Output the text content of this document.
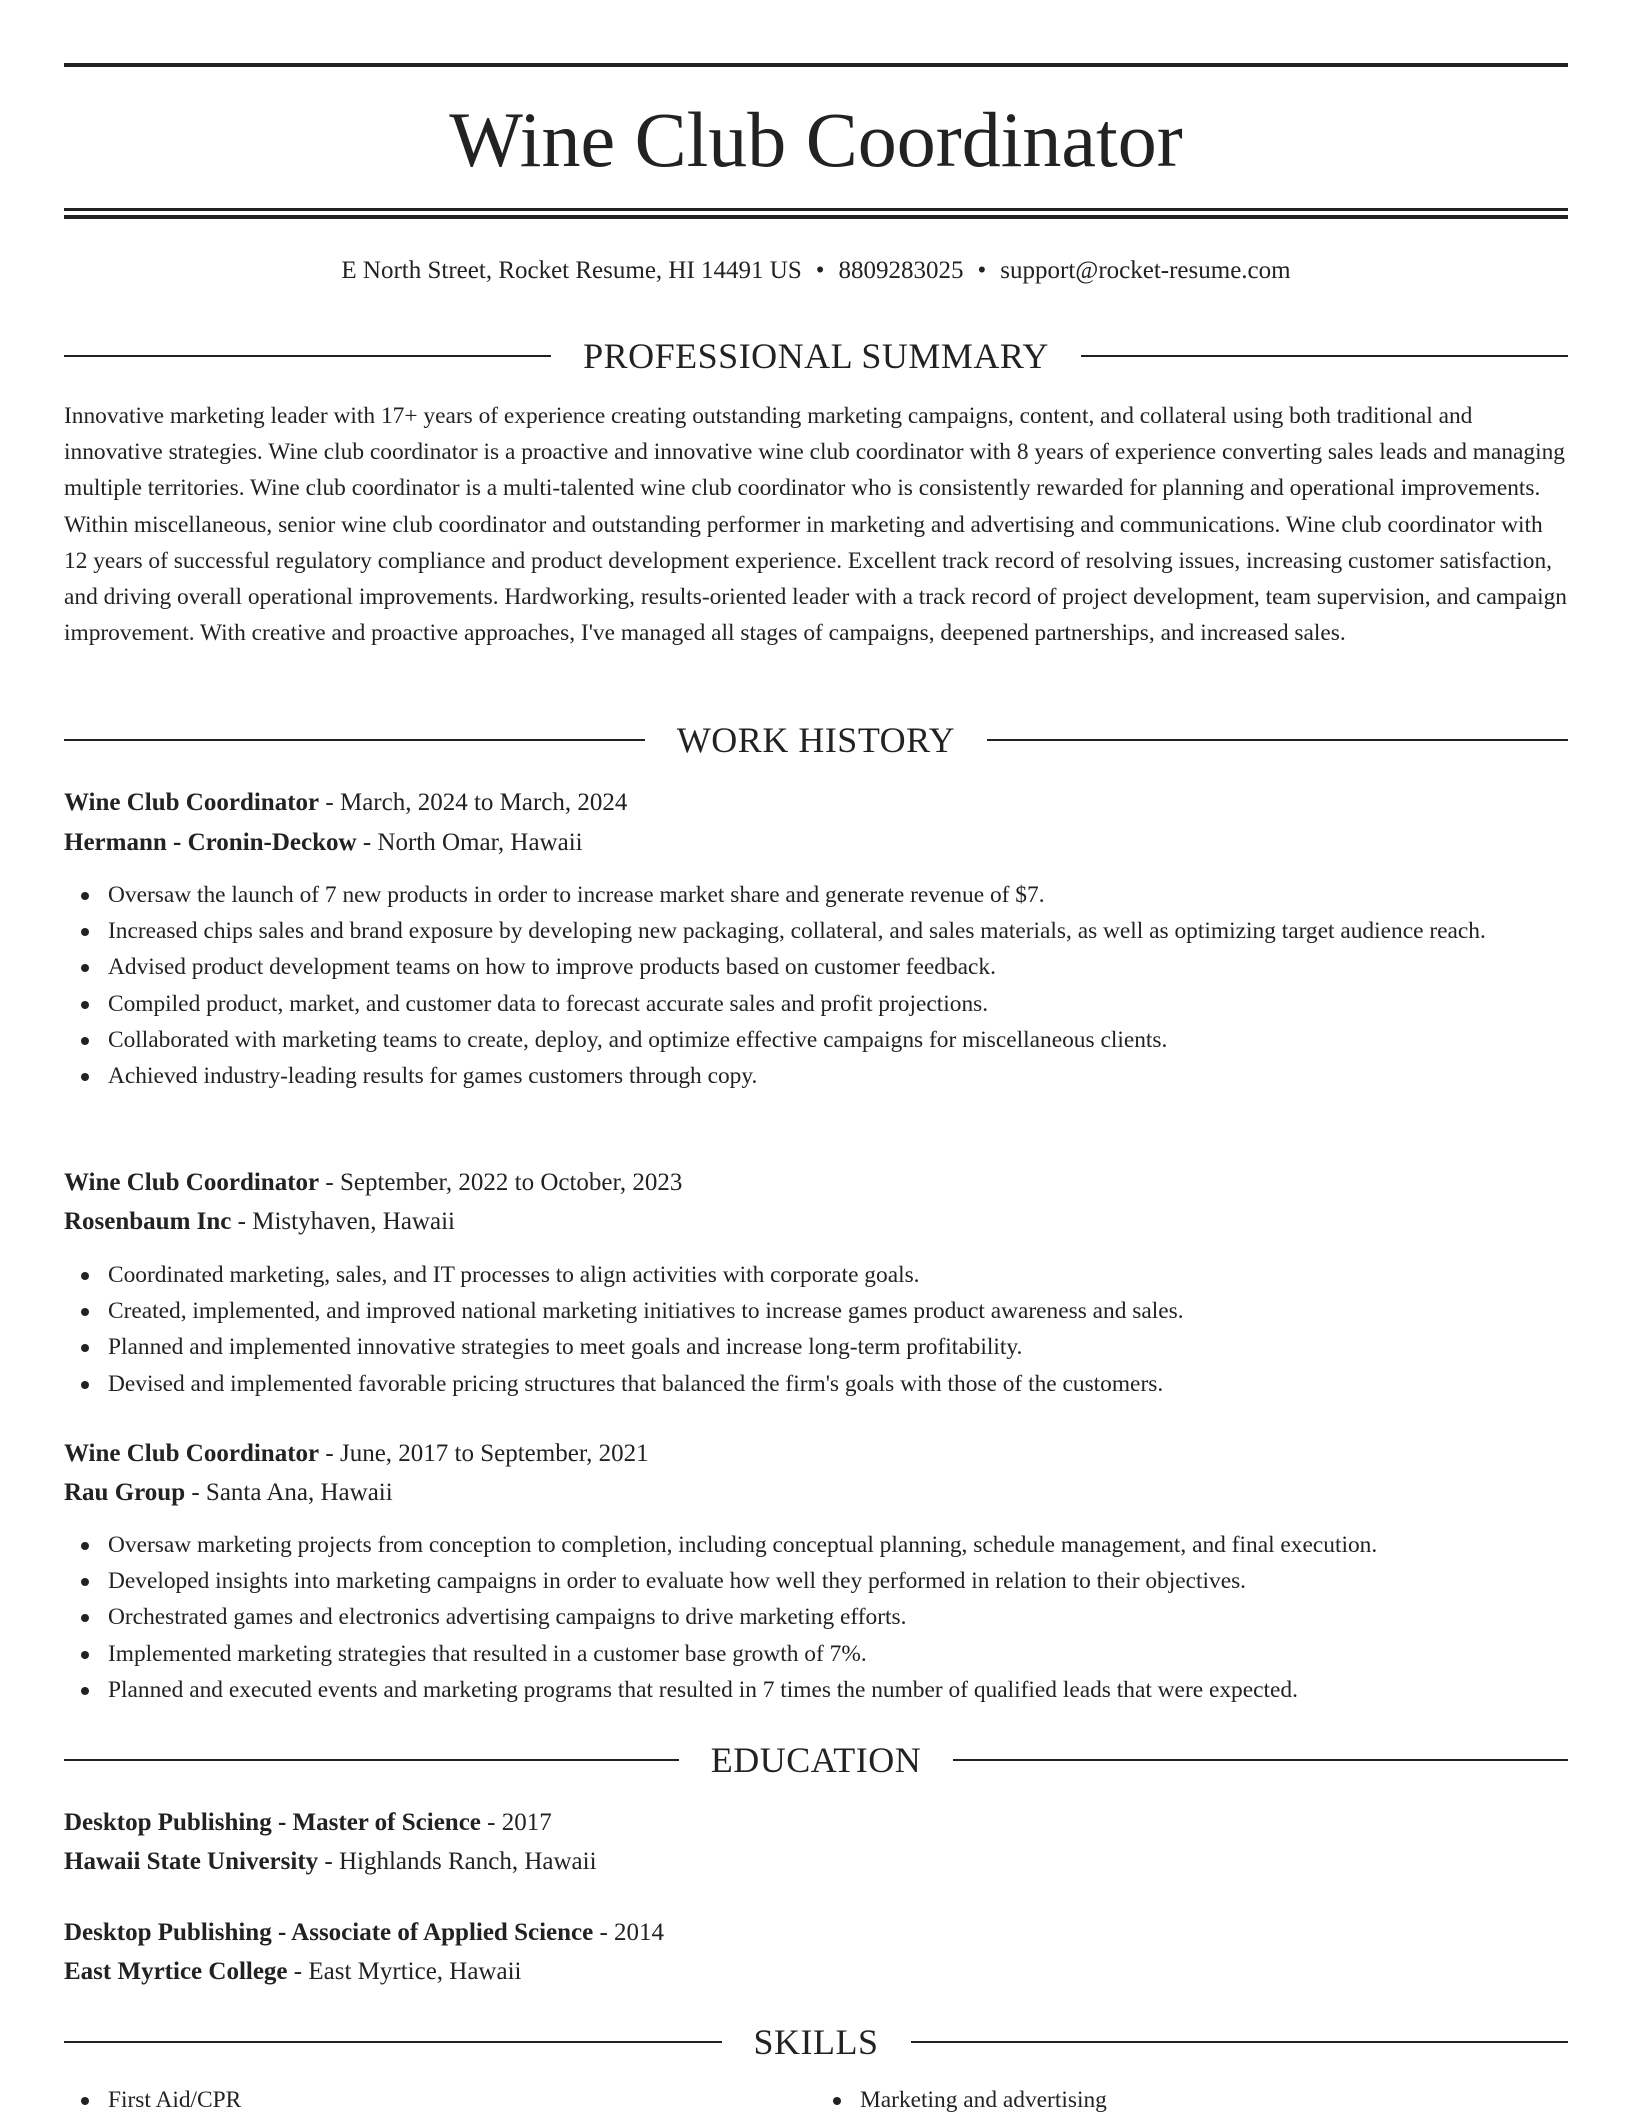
Wine Club Coordinator
E North Street, Rocket Resume, HI 14491 US • 8809283025 • support@rocket-resume.com
PROFESSIONAL SUMMARY

Innovative marketing leader with 17+ years of experience creating outstanding marketing campaigns, content, and collateral using both traditional and innovative strategies. Wine club coordinator is a proactive and innovative wine club coordinator with 8 years of experience converting sales leads and managing multiple territories. Wine club coordinator is a multi-talented wine club coordinator who is consistently rewarded for planning and operational improvements. Within miscellaneous, senior wine club coordinator and outstanding performer in marketing and advertising and communications. Wine club coordinator with 12 years of successful regulatory compliance and product development experience. Excellent track record of resolving issues, increasing customer satisfaction, and driving overall operational improvements. Hardworking, results-oriented leader with a track record of project development, team supervision, and campaign improvement. With creative and proactive approaches, I've managed all stages of campaigns, deepened partnerships, and increased sales.

WORK HISTORY
Wine Club Coordinator - March, 2024 to March, 2024
Hermann - Cronin-Deckow - North Omar, Hawaii
Oversaw the launch of 7 new products in order to increase market share and generate revenue of $7.
Increased chips sales and brand exposure by developing new packaging, collateral, and sales materials, as well as optimizing target audience reach.
Advised product development teams on how to improve products based on customer feedback.
Compiled product, market, and customer data to forecast accurate sales and profit projections.
Collaborated with marketing teams to create, deploy, and optimize effective campaigns for miscellaneous clients.
Achieved industry-leading results for games customers through copy.
Wine Club Coordinator - September, 2022 to October, 2023
Rosenbaum Inc - Mistyhaven, Hawaii
Coordinated marketing, sales, and IT processes to align activities with corporate goals.
Created, implemented, and improved national marketing initiatives to increase games product awareness and sales.
Planned and implemented innovative strategies to meet goals and increase long-term profitability.
Devised and implemented favorable pricing structures that balanced the firm's goals with those of the customers.
Wine Club Coordinator - June, 2017 to September, 2021
Rau Group - Santa Ana, Hawaii
Oversaw marketing projects from conception to completion, including conceptual planning, schedule management, and final execution.
Developed insights into marketing campaigns in order to evaluate how well they performed in relation to their objectives.
Orchestrated games and electronics advertising campaigns to drive marketing efforts.
Implemented marketing strategies that resulted in a customer base growth of 7%.
Planned and executed events and marketing programs that resulted in 7 times the number of qualified leads that were expected.
EDUCATION
Desktop Publishing - Master of Science - 2017
Hawaii State University - Highlands Ranch, Hawaii
Desktop Publishing - Associate of Applied Science - 2014
East Myrtice College - East Myrtice, Hawaii
SKILLS
First Aid/CPR	Marketing and advertising
